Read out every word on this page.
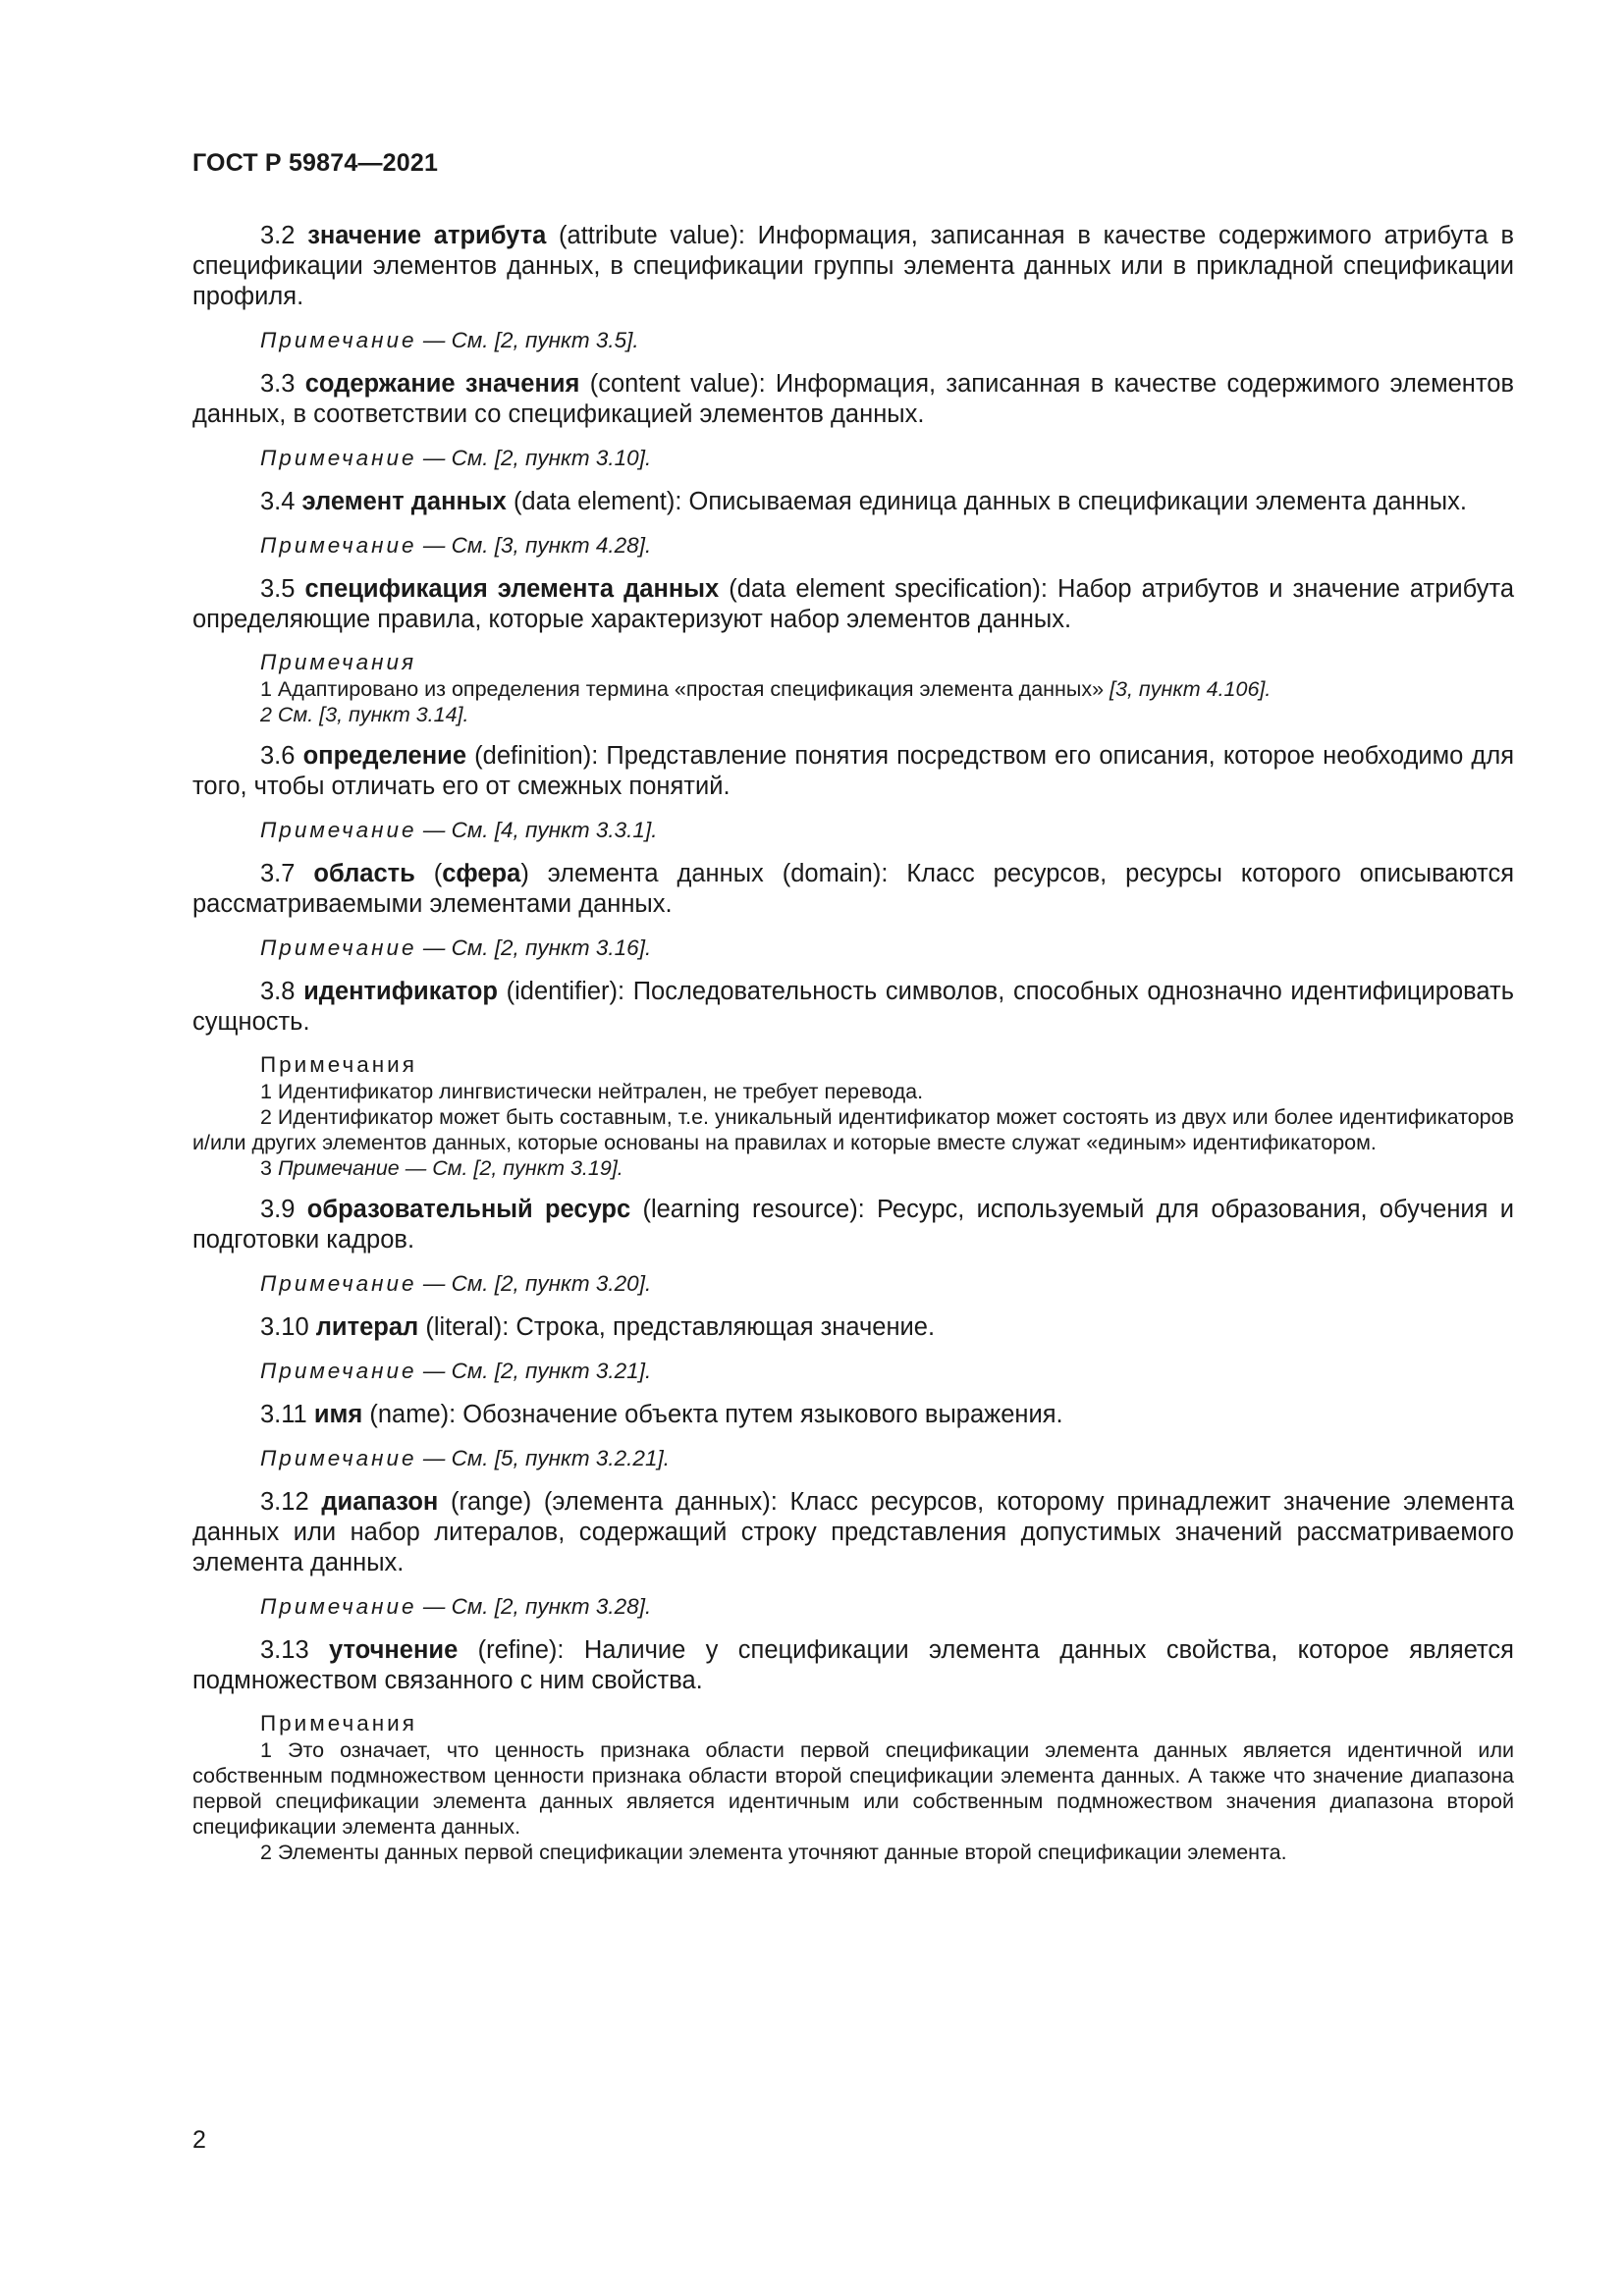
ГОСТ Р 59874—2021

3.2 значение атрибута (attribute value): Информация, записанная в качестве содержимого атрибута в спецификации элементов данных, в спецификации группы элемента данных или в прикладной спецификации профиля.

Примечание — См. [2, пункт 3.5].

3.3 содержание значения (content value): Информация, записанная в качестве содержимого элементов данных, в соответствии со спецификацией элементов данных.

Примечание — См. [2, пункт 3.10].

3.4 элемент данных (data element): Описываемая единица данных в спецификации элемента данных.

Примечание — См. [3, пункт 4.28].

3.5 спецификация элемента данных (data element specification): Набор атрибутов и значение атрибута определяющие правила, которые характеризуют набор элементов данных.

Примечания
1 Адаптировано из определения термина «простая спецификация элемента данных» [3, пункт 4.106].
2 См. [3, пункт 3.14].

3.6 определение (definition): Представление понятия посредством его описания, которое необходимо для того, чтобы отличать его от смежных понятий.

Примечание — См. [4, пункт 3.3.1].

3.7 область (сфера) элемента данных (domain): Класс ресурсов, ресурсы которого описываются рассматриваемыми элементами данных.

Примечание — См. [2, пункт 3.16].

3.8 идентификатор (identifier): Последовательность символов, способных однозначно идентифицировать сущность.

Примечания
1 Идентификатор лингвистически нейтрален, не требует перевода.
2 Идентификатор может быть составным, т.е. уникальный идентификатор может состоять из двух или более идентификаторов и/или других элементов данных, которые основаны на правилах и которые вместе служат «единым» идентификатором.
3 Примечание — См. [2, пункт 3.19].

3.9 образовательный ресурс (learning resource): Ресурс, используемый для образования, обучения и подготовки кадров.

Примечание — См. [2, пункт 3.20].

3.10 литерал (literal): Строка, представляющая значение.

Примечание — См. [2, пункт 3.21].

3.11 имя (name): Обозначение объекта путем языкового выражения.

Примечание — См. [5, пункт 3.2.21].

3.12 диапазон (range) (элемента данных): Класс ресурсов, которому принадлежит значение элемента данных или набор литералов, содержащий строку представления допустимых значений рассматриваемого элемента данных.

Примечание — См. [2, пункт 3.28].

3.13 уточнение (refine): Наличие у спецификации элемента данных свойства, которое является подмножеством связанного с ним свойства.

Примечания
1 Это означает, что ценность признака области первой спецификации элемента данных является идентичной или собственным подмножеством ценности признака области второй спецификации элемента данных. А также что значение диапазона первой спецификации элемента данных является идентичным или собственным подмножеством значения диапазона второй спецификации элемента данных.
2 Элементы данных первой спецификации элемента уточняют данные второй спецификации элемента.
2
